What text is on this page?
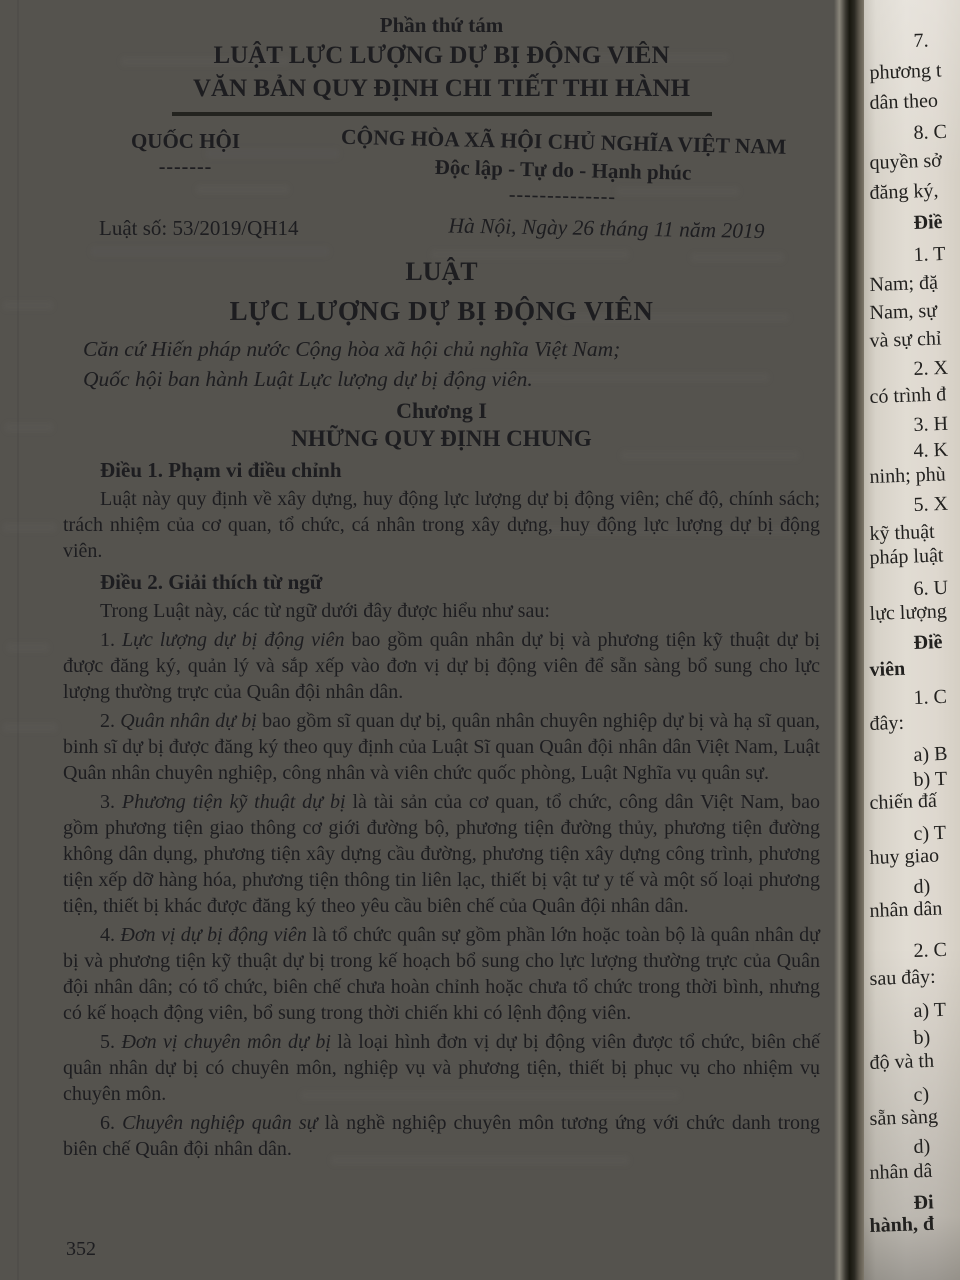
Phần thứ tám
LUẬT LỰC LƯỢNG DỰ BỊ ĐỘNG VIÊN
VĂN BẢN QUY ĐỊNH CHI TIẾT THI HÀNH
QUỐC HỘI
-------
CỘNG HÒA XÃ HỘI CHỦ NGHĨA VIỆT NAM
Độc lập - Tự do - Hạnh phúc
--------------
Luật số: 53/2019/QH14	Hà Nội, Ngày 26 tháng 11 năm 2019
LUẬT
LỰC LƯỢNG DỰ BỊ ĐỘNG VIÊN

Căn cứ Hiến pháp nước Cộng hòa xã hội chủ nghĩa Việt Nam;

Quốc hội ban hành Luật Lực lượng dự bị động viên.

Chương I
NHỮNG QUY ĐỊNH CHUNG
Điều 1. Phạm vi điều chỉnh

Luật này quy định về xây dựng, huy động lực lượng dự bị động viên; chế độ, chính sách; trách nhiệm của cơ quan, tổ chức, cá nhân trong xây dựng, huy động lực lượng dự bị động viên.

Điều 2. Giải thích từ ngữ

Trong Luật này, các từ ngữ dưới đây được hiểu như sau:

1. Lực lượng dự bị động viên bao gồm quân nhân dự bị và phương tiện kỹ thuật dự bị được đăng ký, quản lý và sắp xếp vào đơn vị dự bị động viên để sẵn sàng bổ sung cho lực lượng thường trực của Quân đội nhân dân.

2. Quân nhân dự bị bao gồm sĩ quan dự bị, quân nhân chuyên nghiệp dự bị và hạ sĩ quan, binh sĩ dự bị được đăng ký theo quy định của Luật Sĩ quan Quân đội nhân dân Việt Nam, Luật Quân nhân chuyên nghiệp, công nhân và viên chức quốc phòng, Luật Nghĩa vụ quân sự.

3. Phương tiện kỹ thuật dự bị là tài sản của cơ quan, tổ chức, công dân Việt Nam, bao gồm phương tiện giao thông cơ giới đường bộ, phương tiện đường thủy, phương tiện đường không dân dụng, phương tiện xây dựng cầu đường, phương tiện xây dựng công trình, phương tiện xếp dỡ hàng hóa, phương tiện thông tin liên lạc, thiết bị vật tư y tế và một số loại phương tiện, thiết bị khác được đăng ký theo yêu cầu biên chế của Quân đội nhân dân.

4. Đơn vị dự bị động viên là tổ chức quân sự gồm phần lớn hoặc toàn bộ là quân nhân dự bị và phương tiện kỹ thuật dự bị trong kế hoạch bổ sung cho lực lượng thường trực của Quân đội nhân dân; có tổ chức, biên chế chưa hoàn chỉnh hoặc chưa tổ chức trong thời bình, nhưng có kế hoạch động viên, bổ sung trong thời chiến khi có lệnh động viên.

5. Đơn vị chuyên môn dự bị là loại hình đơn vị dự bị động viên được tổ chức, biên chế quân nhân dự bị có chuyên môn, nghiệp vụ và phương tiện, thiết bị phục vụ cho nhiệm vụ chuyên môn.

6. Chuyên nghiệp quân sự là nghề nghiệp chuyên môn tương ứng với chức danh trong biên chế Quân đội nhân dân.

352
7.
phương t
dân theo
8. C
quyền sở
đăng ký,
Điề
1. T
Nam; đặ
Nam, sự
và sự chỉ
2. X
có trình đ
3. H
4. K
ninh; phù
5. X
kỹ thuật
pháp luật
6. U
lực lượng
Điề
viên
1. C
đây:
a) B
b) T
chiến đấ
c) T
huy giao
d)
nhân dân
2. C
sau đây:
a) T
b)
độ và th
c)
sẵn sàng
d)
nhân dâ
Đi
hành, đ
